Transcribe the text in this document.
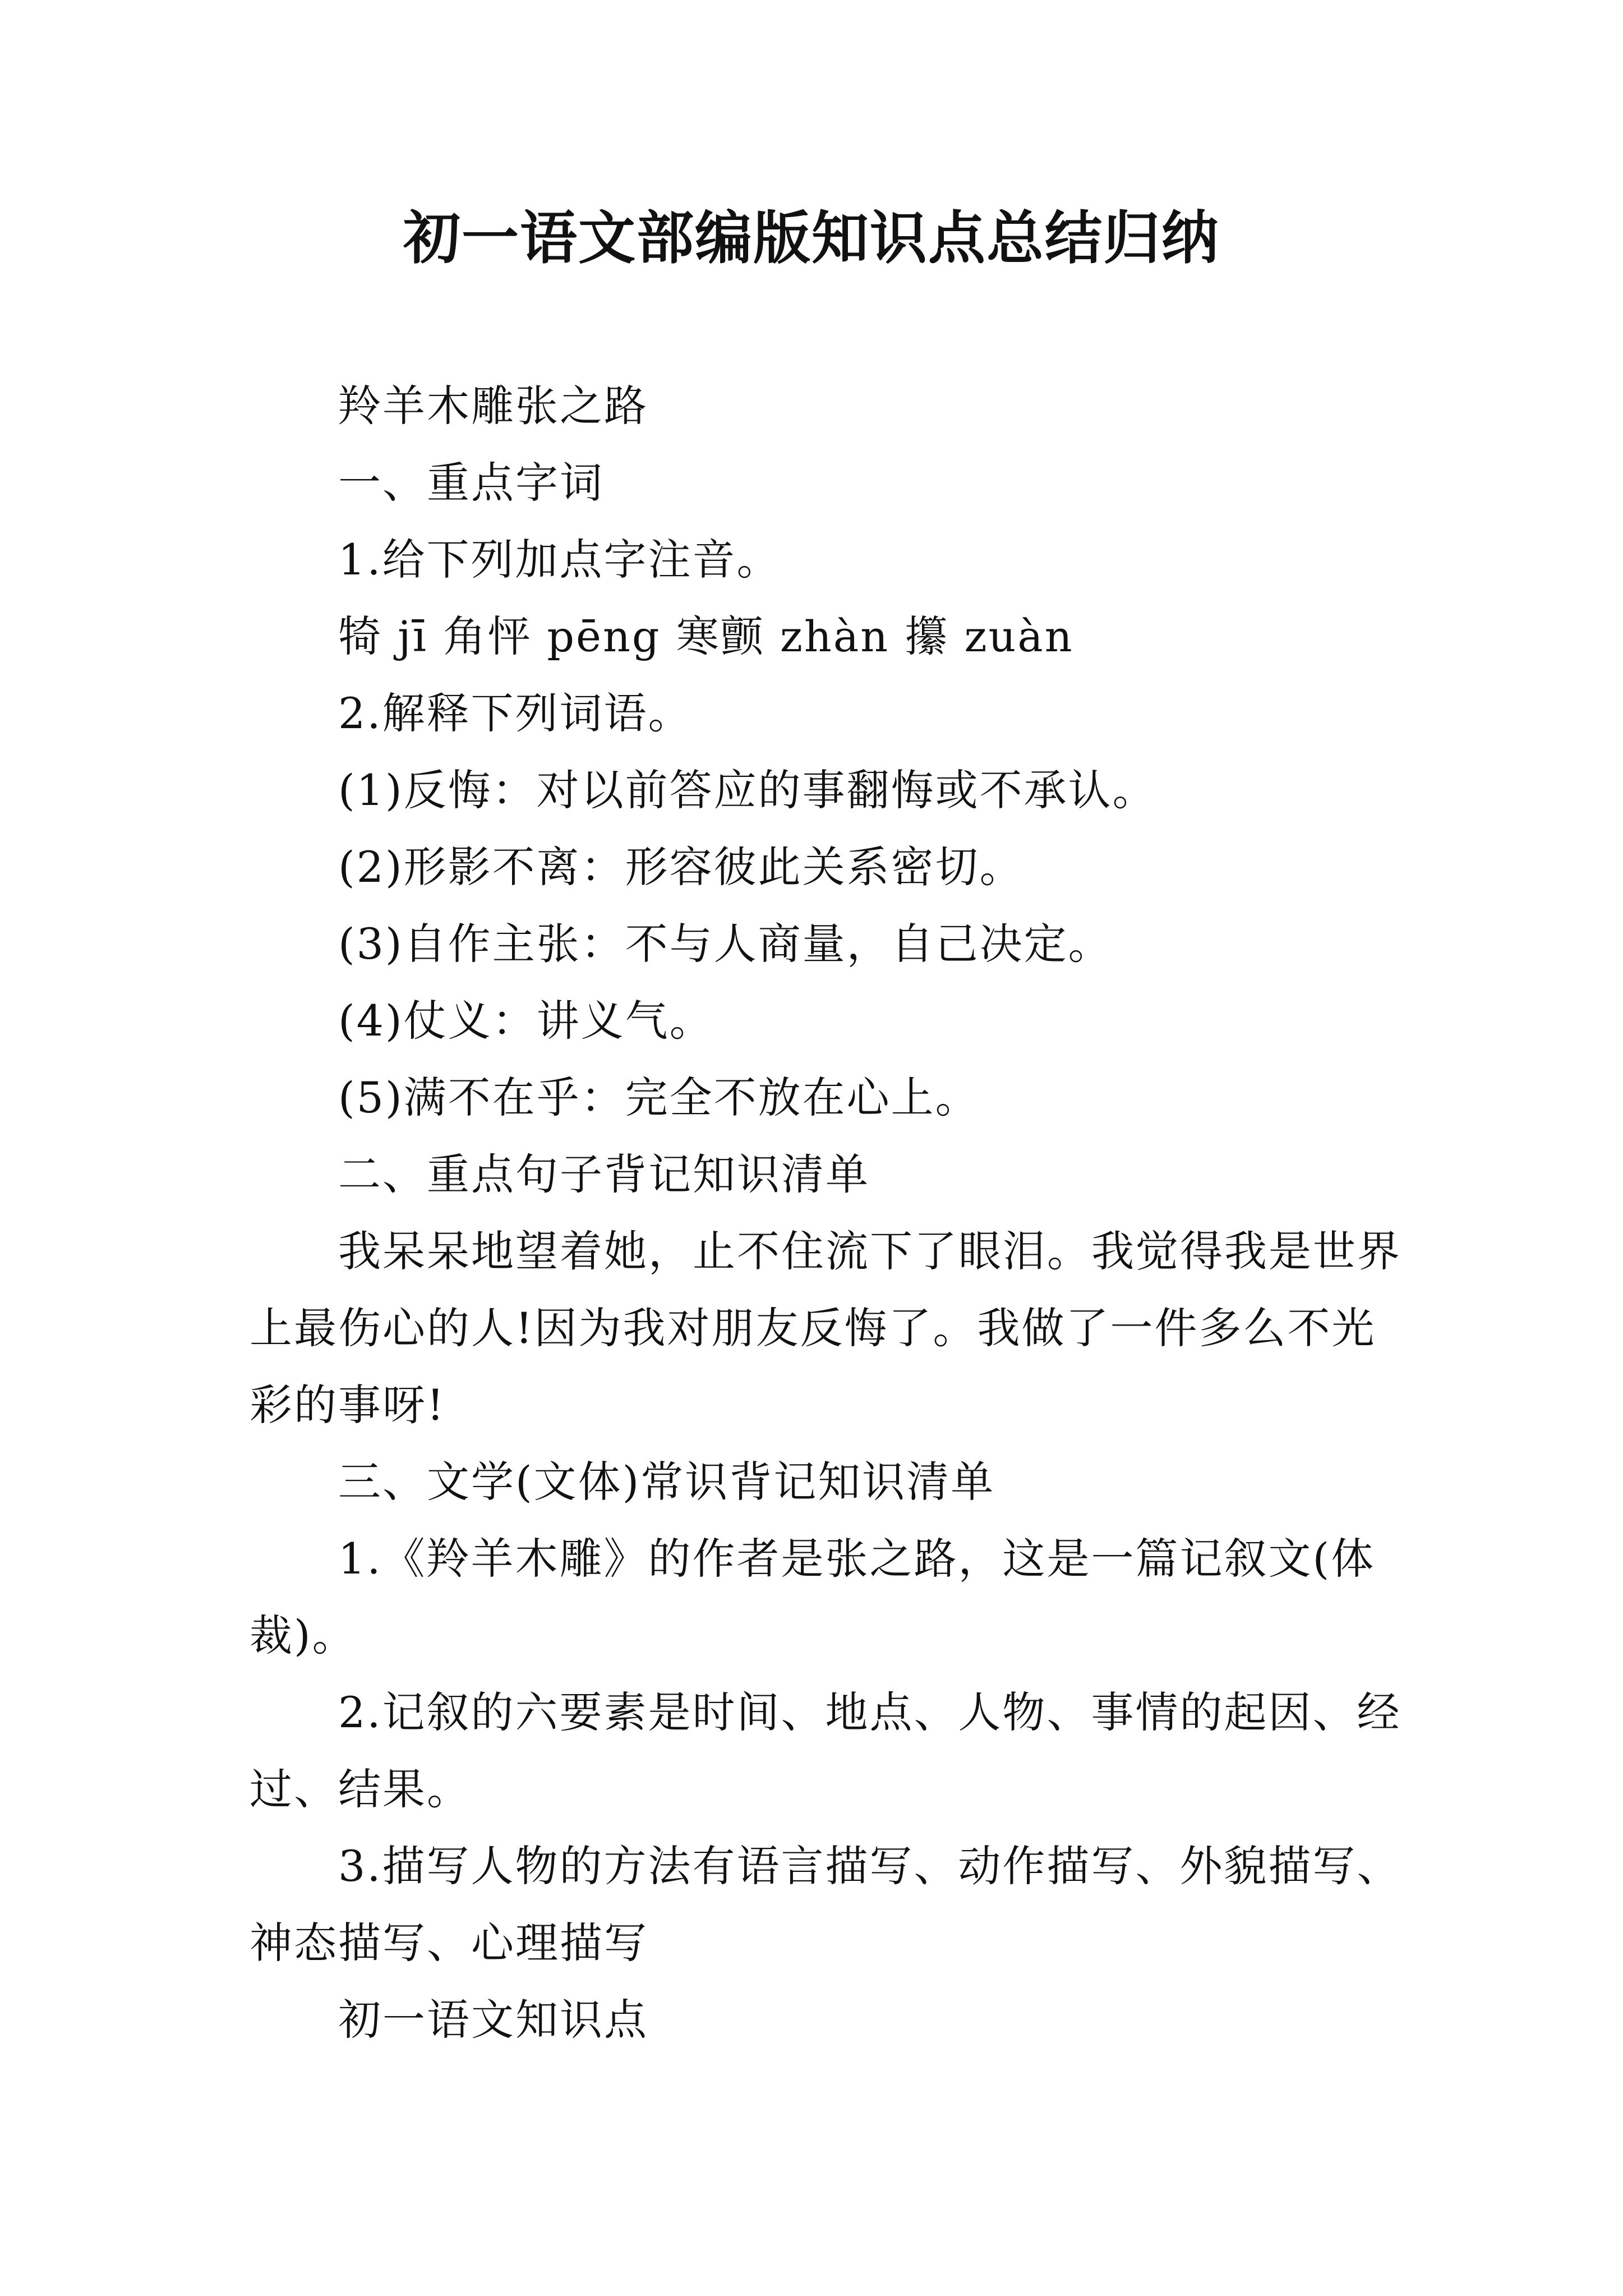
初一语文部编版知识点总结归纳

羚羊木雕张之路

一、重点字词

1.给下列加点字注音。

犄 jī 角怦 pēng 寒颤 zhàn 攥 zuàn

2.解释下列词语。

(1)反悔：对以前答应的事翻悔或不承认。

(2)形影不离：形容彼此关系密切。

(3)自作主张：不与人商量，自己决定。

(4)仗义：讲义气。

(5)满不在乎：完全不放在心上。

二、重点句子背记知识清单

我呆呆地望着她，止不住流下了眼泪。我觉得我是世界上最伤心的人!因为我对朋友反悔了。我做了一件多么不光彩的事呀!

三、文学(文体)常识背记知识清单

1.《羚羊木雕》的作者是张之路，这是一篇记叙文(体裁)。

2.记叙的六要素是时间、地点、人物、事情的起因、经过、结果。

3.描写人物的方法有语言描写、动作描写、外貌描写、神态描写、心理描写

初一语文知识点
